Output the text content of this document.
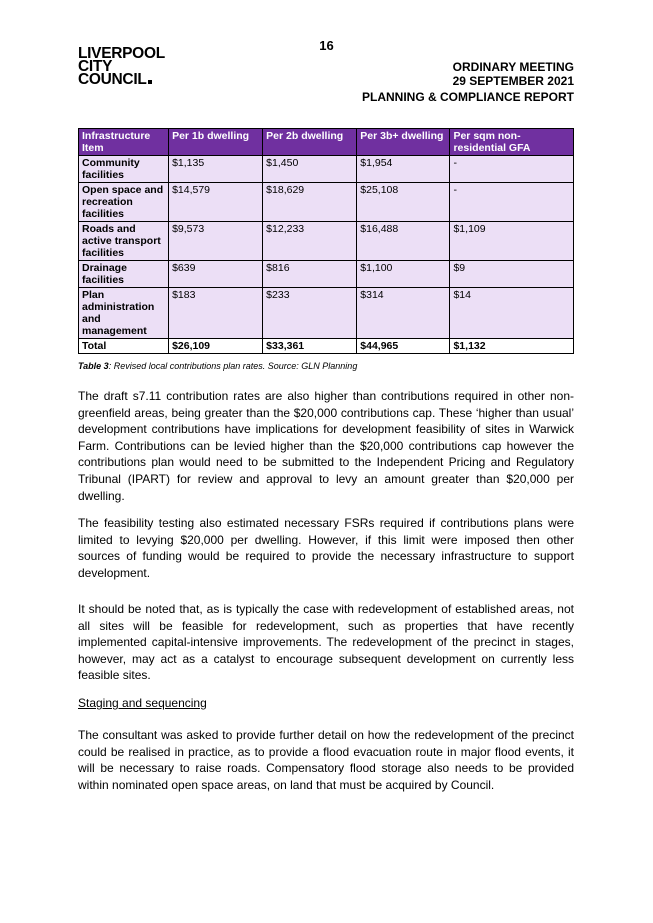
16
LIVERPOOL
CITY
COUNCIL
ORDINARY MEETING
29 SEPTEMBER 2021
PLANNING & COMPLIANCE REPORT
Infrastructure Item	Per 1b dwelling	Per 2b dwelling	Per 3b+ dwelling	Per sqm non-residential GFA
Community facilities	$1,135	$1,450	$1,954	-
Open space and recreation facilities	$14,579	$18,629	$25,108	-
Roads and active transport facilities	$9,573	$12,233	$16,488	$1,109
Drainage facilities	$639	$816	$1,100	$9
Plan administration and management	$183	$233	$314	$14
Total	$26,109	$33,361	$44,965	$1,132
Table 3: Revised local contributions plan rates. Source: GLN Planning

The draft s7.11 contribution rates are also higher than contributions required in other non-greenfield areas, being greater than the $20,000 contributions cap. These ‘higher than usual’ development contributions have implications for development feasibility of sites in Warwick Farm. Contributions can be levied higher than the $20,000 contributions cap however the contributions plan would need to be submitted to the Independent Pricing and Regulatory Tribunal (IPART) for review and approval to levy an amount greater than $20,000 per dwelling.

The feasibility testing also estimated necessary FSRs required if contributions plans were limited to levying $20,000 per dwelling. However, if this limit were imposed then other sources of funding would be required to provide the necessary infrastructure to support development.

It should be noted that, as is typically the case with redevelopment of established areas, not all sites will be feasible for redevelopment, such as properties that have recently implemented capital-intensive improvements. The redevelopment of the precinct in stages, however, may act as a catalyst to encourage subsequent development on currently less feasible sites.

Staging and sequencing

The consultant was asked to provide further detail on how the redevelopment of the precinct could be realised in practice, as to provide a flood evacuation route in major flood events, it will be necessary to raise roads. Compensatory flood storage also needs to be provided within nominated open space areas, on land that must be acquired by Council.
